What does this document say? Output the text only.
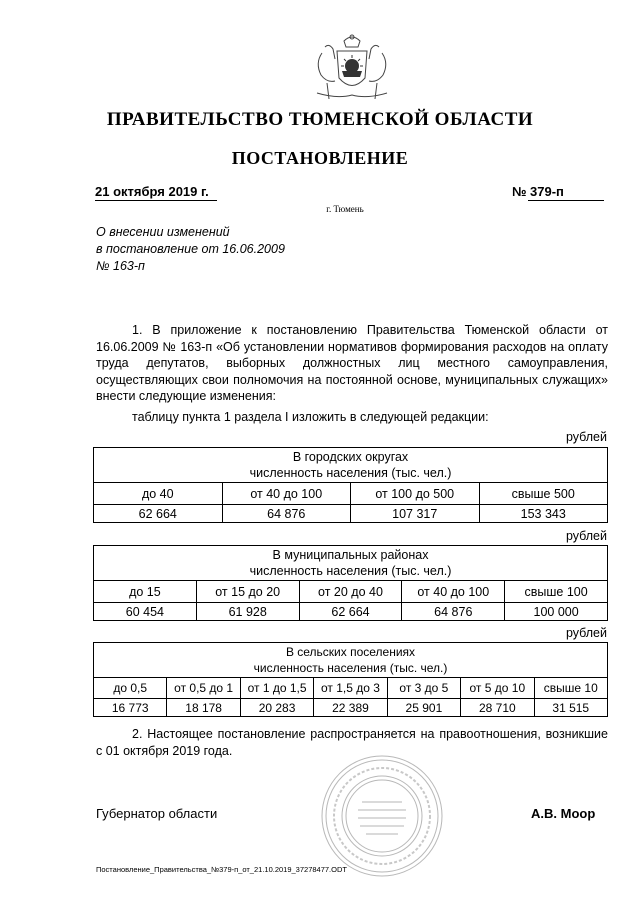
ПРАВИТЕЛЬСТВО ТЮМЕНСКОЙ ОБЛАСТИ
ПОСТАНОВЛЕНИЕ
21 октября 2019 г.	№ 379-п
г. Тюмень
О внесении изменений
в постановление от 16.06.2009
№ 163-п
1. В приложение к постановлению Правительства Тюменской области от 16.06.2009 № 163-п «Об установлении нормативов формирования расходов на оплату труда депутатов, выборных должностных лиц местного самоуправления, осуществляющих свои полномочия на постоянной основе, муниципальных служащих» внести следующие изменения:
таблицу пункта 1 раздела I изложить в следующей редакции:
рублей
В городских округах
численность населения (тыс. чел.)			

до 40	от 40 до 100	от 100 до 500	свыше 500
62 664	64 876	107 317	153 343
рублей
В муниципальных районах
численность населения (тыс. чел.)				

до 15	от 15 до 20	от 20 до 40	от 40 до 100	свыше 100
60 454	61 928	62 664	64 876	100 000
рублей
В сельских поселениях
численность населения (тыс. чел.)						

до 0,5	от 0,5 до 1	от 1 до 1,5	от 1,5 до 3	от 3 до 5	от 5 до 10	свыше 10
16 773	18 178	20 283	22 389	25 901	28 710	31 515
2. Настоящее постановление распространяется на правоотношения, возникшие с 01 октября 2019 года.
Губернатор области	А.В. Моор
Постановление_Правительства_№379-п_от_21.10.2019_37278477.ODT
